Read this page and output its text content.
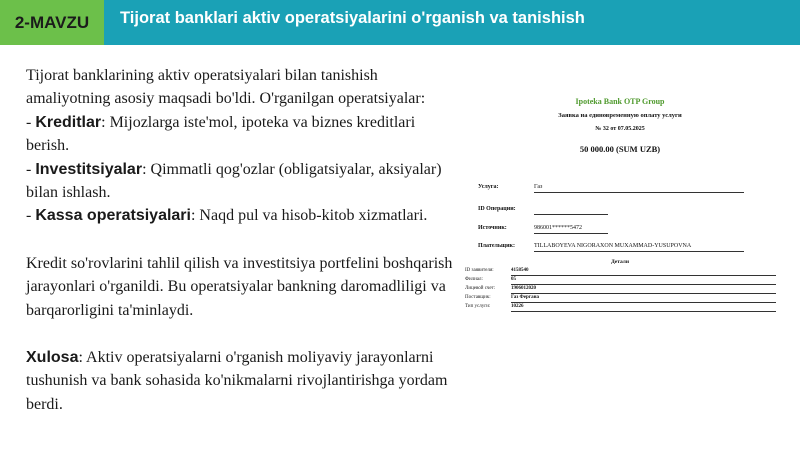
2-MAVZU	Tijorat banklari aktiv operatsiyalarini o'rganish va tanishish

Tijorat banklarining aktiv operatsiyalari bilan tanishish amaliyotning asosiy maqsadi bo'ldi. O'rganilgan operatsiyalar:

- Kreditlar: Mijozlarga iste'mol, ipoteka va biznes kreditlari berish.

- Investitsiyalar: Qimmatli qog'ozlar (obligatsiyalar, aksiyalar) bilan ishlash.

- Kassa operatsiyalari: Naqd pul va hisob-kitob xizmatlari.

Kredit so'rovlarini tahlil qilish va investitsiya portfelini boshqarish jarayonlari o'rganildi. Bu operatsiyalar bankning daromadliligi va barqarorligini ta'minlaydi.

Xulosa: Aktiv operatsiyalarni o'rganish moliyaviy jarayonlarni tushunish va bank sohasida ko'nikmalarni rivojlantirishga yordam berdi.

Ipoteka Bank OTP Group
Заявка на единовременную оплату услуги
№ 32 от 07.05.2025
50 000.00 (SUM UZB)
Услуга:	Газ
ID Операции:
Источник:	986001******5472
Плательщик:	TILLABOYEVA NIGORAXON MUXAMMAD-YUSUPOVNA
Детали
ID заявителя:	4158540
Филиал:	05
Лицевой счет:	1906012020
Поставщик:	Газ Фергана
Тип услуги:	10226
